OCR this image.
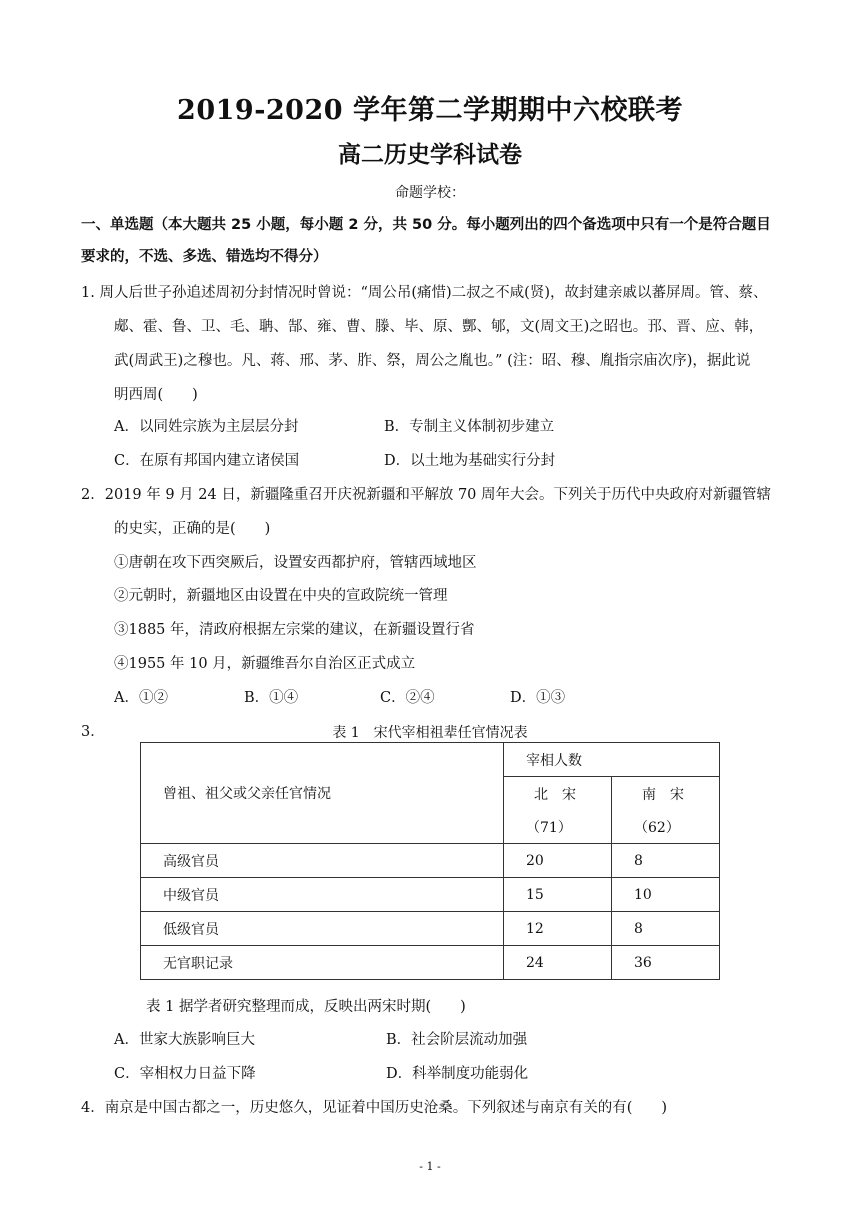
2019-2020 学年第二学期期中六校联考
高二历史学科试卷
命题学校：
一、单选题（本大题共 25 小题，每小题 2 分，共 50 分。每小题列出的四个备选项中只有一个是符合题目
要求的，不选、多选、错选均不得分）
1. 周人后世子孙追述周初分封情况时曾说：“周公吊(痛惜)二叔之不咸(贤)，故封建亲戚以蕃屏周。管、蔡、
郕、霍、鲁、卫、毛、聃、郜、雍、曹、滕、毕、原、酆、郇，文(周文王)之昭也。邘、晋、应、韩，
武(周武王)之穆也。凡、蒋、邢、茅、胙、祭，周公之胤也。” (注：昭、穆、胤指宗庙次序)，据此说
明西周(　　)
A．以同姓宗族为主层层分封	B．专制主义体制初步建立
C．在原有邦国内建立诸侯国	D．以土地为基础实行分封
2．2019 年 9 月 24 日，新疆隆重召开庆祝新疆和平解放 70 周年大会。下列关于历代中央政府对新疆管辖
的史实，正确的是(　　)
①唐朝在攻下西突厥后，设置安西都护府，管辖西域地区
②元朝时，新疆地区由设置在中央的宣政院统一管理
③1885 年，清政府根据左宗棠的建议，在新疆设置行省
④1955 年 10 月，新疆维吾尔自治区正式成立
A．①②	B．①④	C．②④	D．①③
3．	表 1　宋代宰相祖辈任官情况表
曾祖、祖父或父亲任官情况	宰相人数	
	北　宋	南　宋
	（71）	（62）
高级官员	20	8
中级官员	15	10
低级官员	12	8
无官职记录	24	36
表 1 据学者研究整理而成，反映出两宋时期(　　)
A．世家大族影响巨大	B．社会阶层流动加强
C．宰相权力日益下降	D．科举制度功能弱化
4．南京是中国古都之一，历史悠久，见证着中国历史沧桑。下列叙述与南京有关的有(　　)
- 1 -
